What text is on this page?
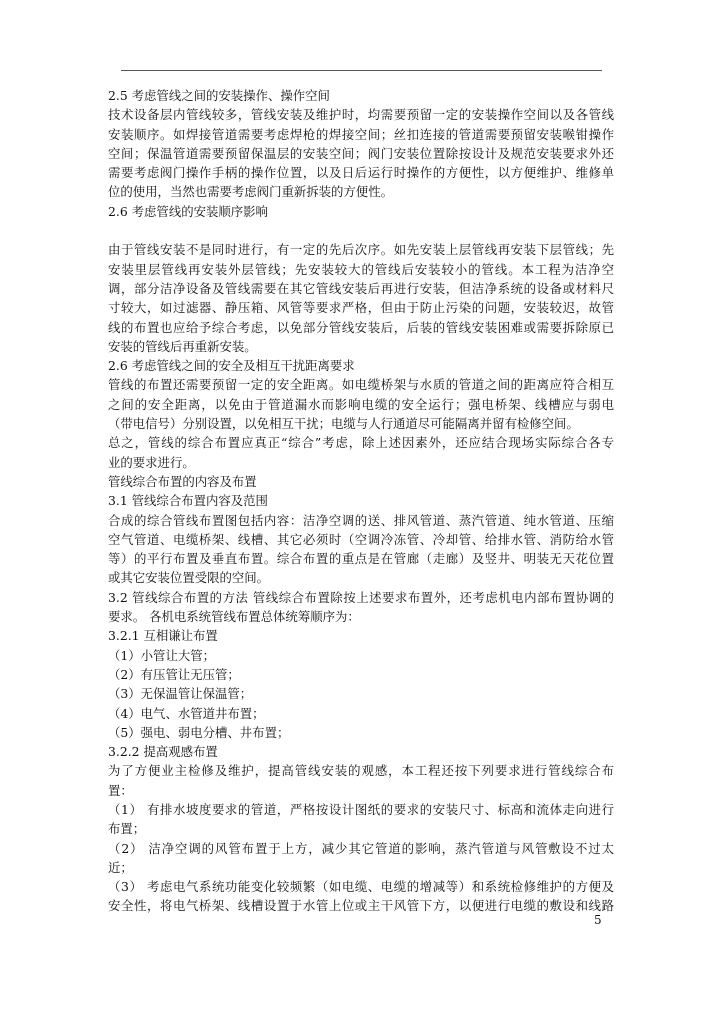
2.5 考虑管线之间的安装操作、操作空间
技术设备层内管线较多，管线安装及维护时，均需要预留一定的安装操作空间以及各管线
安装顺序。如焊接管道需要考虑焊枪的焊接空间；丝扣连接的管道需要预留安装喉钳操作
空间；保温管道需要预留保温层的安装空间；阀门安装位置除按设计及规范安装要求外还
需要考虑阀门操作手柄的操作位置，以及日后运行时操作的方便性，以方便维护、维修单
位的使用，当然也需要考虑阀门重新拆装的方便性。
2.6 考虑管线的安装顺序影响
由于管线安装不是同时进行，有一定的先后次序。如先安装上层管线再安装下层管线；先
安装里层管线再安装外层管线；先安装较大的管线后安装较小的管线。本工程为洁净空
调，部分洁净设备及管线需要在其它管线安装后再进行安装，但洁净系统的设备或材料尺
寸较大，如过滤器、静压箱、风管等要求严格，但由于防止污染的问题，安装较迟，故管
线的布置也应给予综合考虑，以免部分管线安装后，后装的管线安装困难或需要拆除原已
安装的管线后再重新安装。
2.6 考虑管线之间的安全及相互干扰距离要求
管线的布置还需要预留一定的安全距离。如电缆桥架与水质的管道之间的距离应符合相互
之间的安全距离，以免由于管道漏水而影响电缆的安全运行；强电桥架、线槽应与弱电
（带电信号）分别设置，以免相互干扰；电缆与人行通道尽可能隔离并留有检修空间。
总之，管线的综合布置应真正“综合”考虑，除上述因素外，还应结合现场实际综合各专
业的要求进行。
管线综合布置的内容及布置
3.1 管线综合布置内容及范围
合成的综合管线布置图包括内容：洁净空调的送、排风管道、蒸汽管道、纯水管道、压缩
空气管道、电缆桥架、线槽、其它必须时（空调冷冻管、冷却管、给排水管、消防给水管
等）的平行布置及垂直布置。综合布置的重点是在管廊（走廊）及竖井、明装无天花位置
或其它安装位置受限的空间。
3.2 管线综合布置的方法 管线综合布置除按上述要求布置外，还考虑机电内部布置协调的
要求。 各机电系统管线布置总体统筹顺序为：
3.2.1 互相谦让布置
（1）小管让大管；
（2）有压管让无压管；
（3）无保温管让保温管；
（4）电气、水管道井布置；
（5）强电、弱电分槽、井布置；
3.2.2 提高观感布置
为了方便业主检修及维护，提高管线安装的观感，本工程还按下列要求进行管线综合布
置：
（1） 有排水坡度要求的管道，严格按设计图纸的要求的安装尺寸、标高和流体走向进行
布置；
（2） 洁净空调的风管布置于上方，减少其它管道的影响，蒸汽管道与风管敷设不过太
近；
（3） 考虑电气系统功能变化较频繁（如电缆、电缆的增减等）和系统检修维护的方便及
安全性，将电气桥架、线槽设置于水管上位或主干风管下方，以便进行电缆的敷设和线路
5
